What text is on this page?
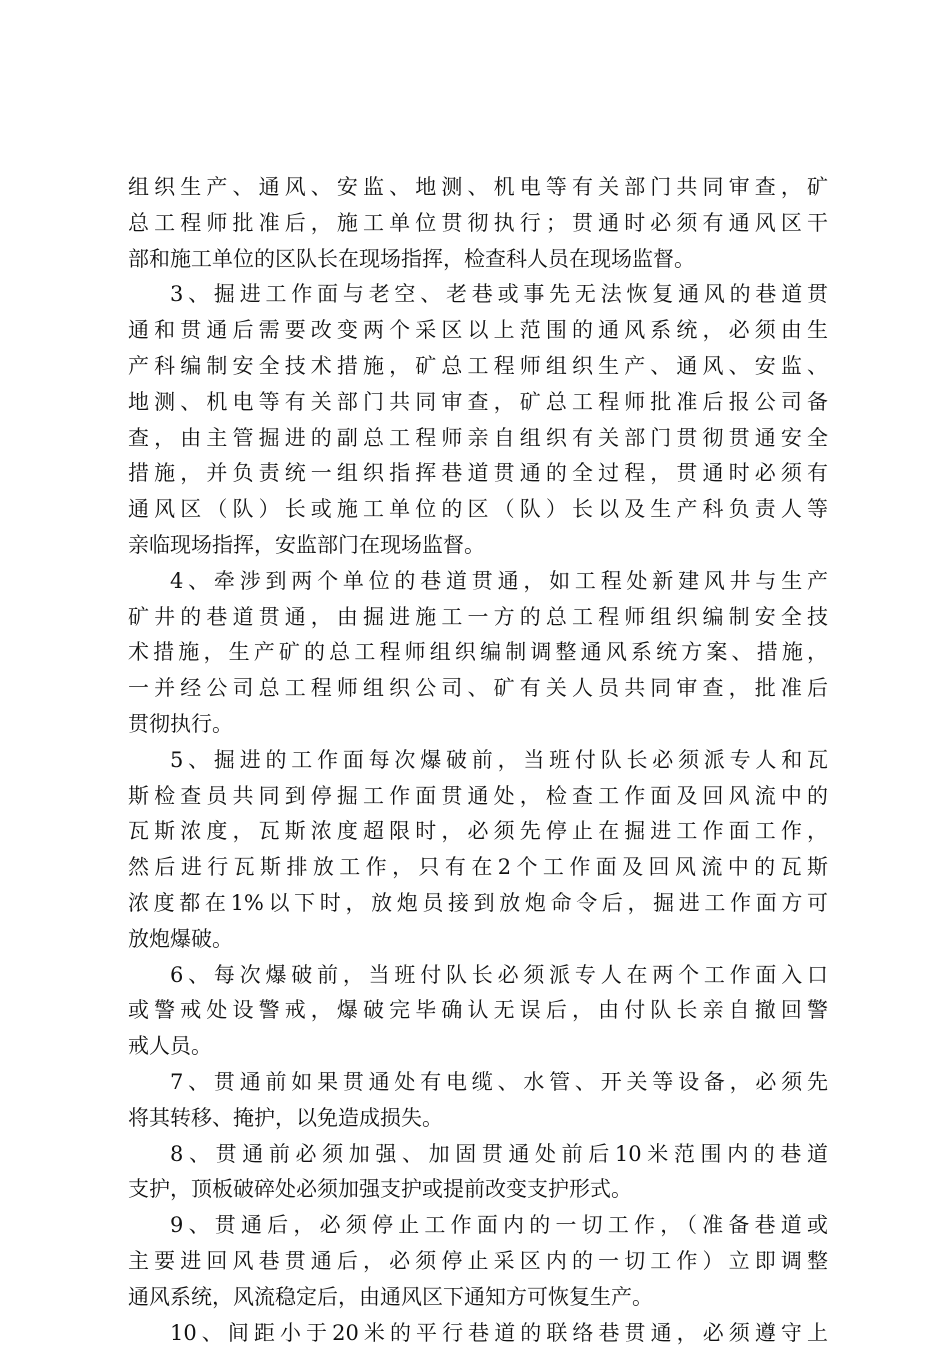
组织生产、通风、安监、地测、机电等有关部门共同审查，矿
总工程师批准后，施工单位贯彻执行；贯通时必须有通风区干
部和施工单位的区队长在现场指挥，检查科人员在现场监督。
3、掘进工作面与老空、老巷或事先无法恢复通风的巷道贯
通和贯通后需要改变两个采区以上范围的通风系统，必须由生
产科编制安全技术措施，矿总工程师组织生产、通风、安监、
地测、机电等有关部门共同审查，矿总工程师批准后报公司备
查，由主管掘进的副总工程师亲自组织有关部门贯彻贯通安全
措施，并负责统一组织指挥巷道贯通的全过程，贯通时必须有
通风区（队）长或施工单位的区（队）长以及生产科负责人等
亲临现场指挥，安监部门在现场监督。
4、牵涉到两个单位的巷道贯通，如工程处新建风井与生产
矿井的巷道贯通，由掘进施工一方的总工程师组织编制安全技
术措施，生产矿的总工程师组织编制调整通风系统方案、措施，
一并经公司总工程师组织公司、矿有关人员共同审查，批准后
贯彻执行。
5、掘进的工作面每次爆破前，当班付队长必须派专人和瓦
斯检查员共同到停掘工作面贯通处，检查工作面及回风流中的
瓦斯浓度，瓦斯浓度超限时，必须先停止在掘进工作面工作，
然后进行瓦斯排放工作，只有在2个工作面及回风流中的瓦斯
浓度都在1%以下时，放炮员接到放炮命令后，掘进工作面方可
放炮爆破。
6、每次爆破前，当班付队长必须派专人在两个工作面入口
或警戒处设警戒，爆破完毕确认无误后，由付队长亲自撤回警
戒人员。
7、贯通前如果贯通处有电缆、水管、开关等设备，必须先
将其转移、掩护，以免造成损失。
8、贯通前必须加强、加固贯通处前后10米范围内的巷道
支护，顶板破碎处必须加强支护或提前改变支护形式。
9、贯通后，必须停止工作面内的一切工作，（准备巷道或
主要进回风巷贯通后，必须停止采区内的一切工作）立即调整
通风系统，风流稳定后，由通风区下通知方可恢复生产。
10、间距小于20米的平行巷道的联络巷贯通，必须遵守上
